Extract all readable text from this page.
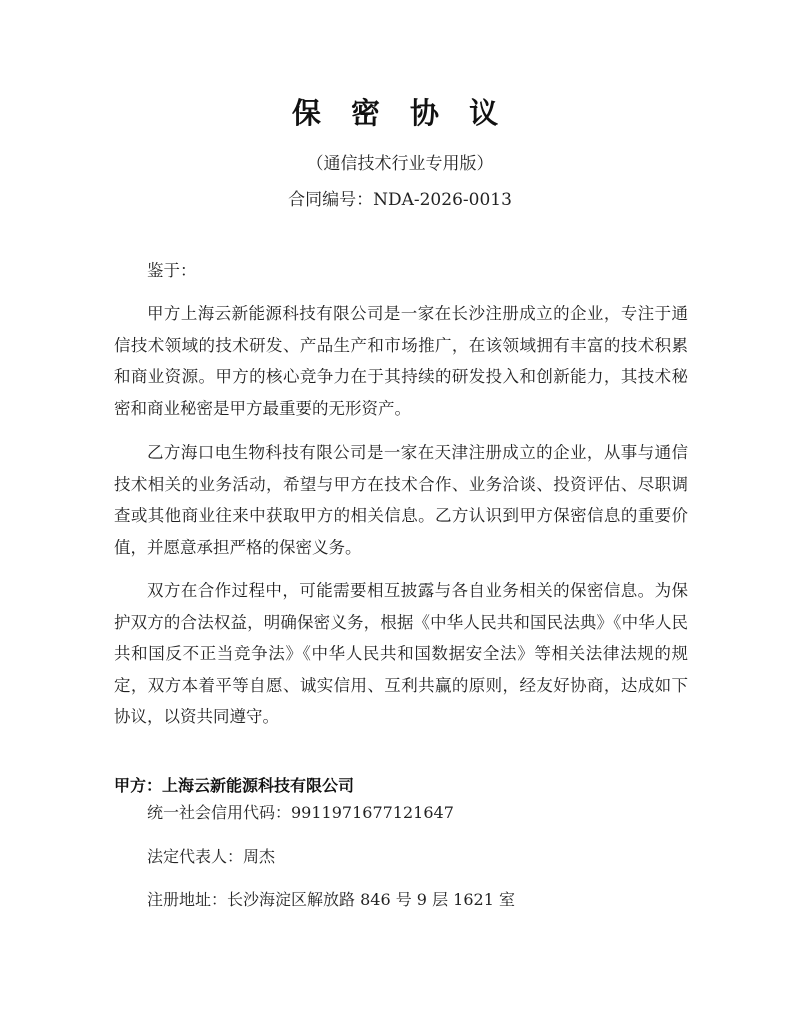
保 密 协 议
（通信技术行业专用版）
合同编号：NDA-2026-0013

鉴于：

甲方上海云新能源科技有限公司是一家在长沙注册成立的企业，专注于通信技术领域的技术研发、产品生产和市场推广，在该领域拥有丰富的技术积累和商业资源。甲方的核心竞争力在于其持续的研发投入和创新能力，其技术秘密和商业秘密是甲方最重要的无形资产。

乙方海口电生物科技有限公司是一家在天津注册成立的企业，从事与通信技术相关的业务活动，希望与甲方在技术合作、业务洽谈、投资评估、尽职调查或其他商业往来中获取甲方的相关信息。乙方认识到甲方保密信息的重要价值，并愿意承担严格的保密义务。

双方在合作过程中，可能需要相互披露与各自业务相关的保密信息。为保护双方的合法权益，明确保密义务，根据《中华人民共和国民法典》《中华人民共和国反不正当竞争法》《中华人民共和国数据安全法》等相关法律法规的规定，双方本着平等自愿、诚实信用、互利共赢的原则，经友好协商，达成如下协议，以资共同遵守。

甲方：上海云新能源科技有限公司
统一社会信用代码：9911971677121647
法定代表人：周杰
注册地址：长沙海淀区解放路 846 号 9 层 1621 室
